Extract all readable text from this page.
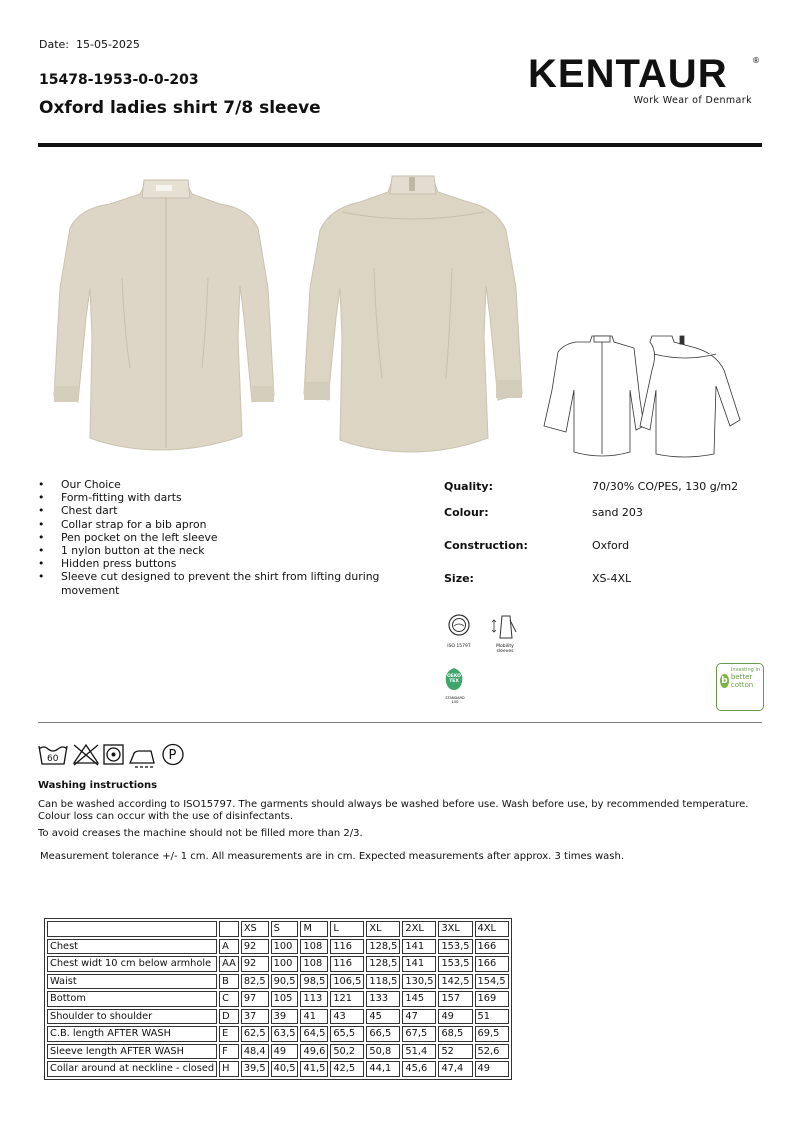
Date: 15-05-2025
15478-1953-0-0-203
Oxford ladies shirt 7/8 sleeve
KENTAUR	®
Work Wear of Denmark
• Our Choice
• Form-fitting with darts
• Chest dart
• Collar strap for a bib apron
• Pen pocket on the left sleeve
• 1 nylon button at the neck
• Hidden press buttons
• Sleeve cut designed to prevent the shirt from lifting during movement
Quality:	70/30% CO/PES, 130 g/m2
Colour:	sand 203
Construction:	Oxford
Size:	XS-4XL
ISO 15797	Mobility sleeves
OEKO TEX
STANDARD 100
Investing in
b better cotton
60	P
Washing instructions
Can be washed according to ISO15797. The garments should always be washed before use. Wash before use, by recommended temperature. Colour loss can occur with the use of disinfectants.
To avoid creases the machine should not be filled more than 2/3.
Measurement tolerance +/- 1 cm. All measurements are in cm. Expected measurements after approx. 3 times wash.
		XS	S	M	L	XL	2XL	3XL	4XL
Chest	A	92	100	108	116	128,5	141	153,5	166
Chest widt 10 cm below armhole	AA	92	100	108	116	128,5	141	153,5	166
Waist	B	82,5	90,5	98,5	106,5	118,5	130,5	142,5	154,5
Bottom	C	97	105	113	121	133	145	157	169
Shoulder to shoulder	D	37	39	41	43	45	47	49	51
C.B. length AFTER WASH	E	62,5	63,5	64,5	65,5	66,5	67,5	68,5	69,5
Sleeve length AFTER WASH	F	48,4	49	49,6	50,2	50,8	51,4	52	52,6
Collar around at neckline - closed	H	39,5	40,5	41,5	42,5	44,1	45,6	47,4	49
